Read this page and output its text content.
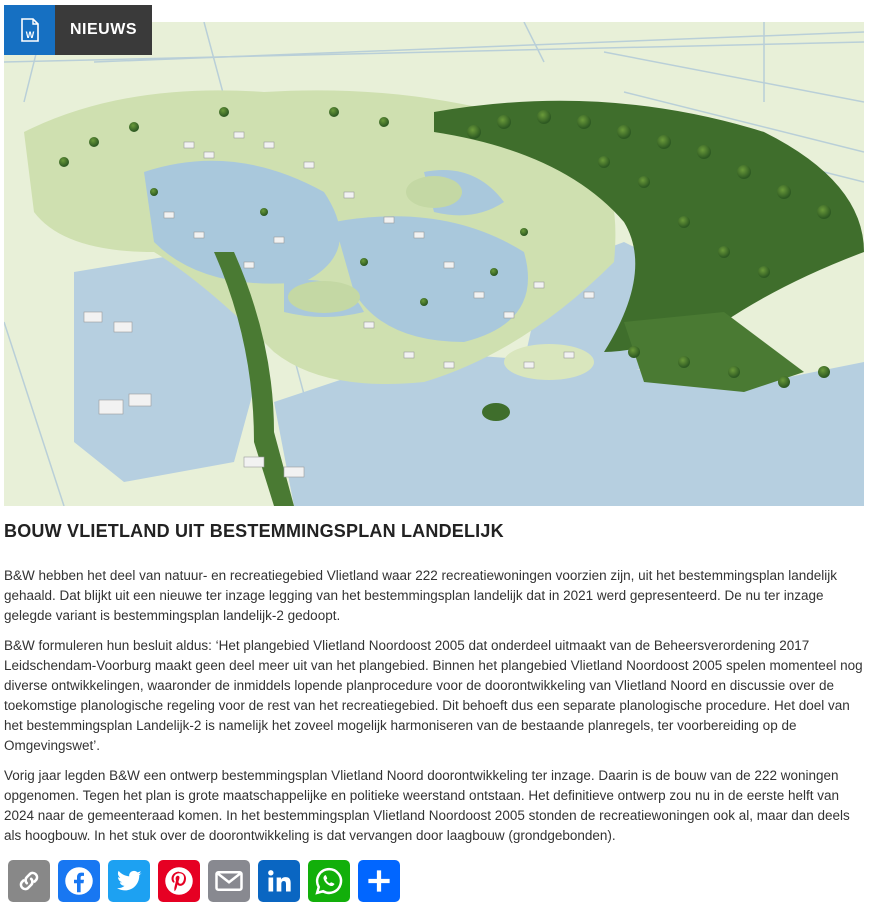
W	NIEUWS
BOUW VLIETLAND UIT BESTEMMINGSPLAN LANDELIJK

B&W hebben het deel van natuur- en recreatiegebied Vlietland waar 222 recreatiewoningen voorzien zijn, uit het bestemmingsplan landelijk gehaald. Dat blijkt uit een nieuwe ter inzage legging van het bestemmingsplan landelijk dat in 2021 werd gepresenteerd. De nu ter inzage gelegde variant is bestemmingsplan landelijk-2 gedoopt.

B&W formuleren hun besluit aldus: ‘Het plangebied Vlietland Noordoost 2005 dat onderdeel uitmaakt van de Beheersverordening 2017 Leidschendam-Voorburg maakt geen deel meer uit van het plangebied. Binnen het plangebied Vlietland Noordoost 2005 spelen momenteel nog diverse ontwikkelingen, waaronder de inmiddels lopende planprocedure voor de doorontwikkeling van Vlietland Noord en discussie over de toekomstige planologische regeling voor de rest van het recreatiegebied. Dit behoeft dus een separate planologische procedure. Het doel van het bestemmingsplan Landelijk-2 is namelijk het zoveel mogelijk harmoniseren van de bestaande planregels, ter voorbereiding op de Omgevingswet’.

Vorig jaar legden B&W een ontwerp bestemmingsplan Vlietland Noord doorontwikkeling ter inzage. Daarin is de bouw van de 222 woningen opgenomen. Tegen het plan is grote maatschappelijke en politieke weerstand ontstaan. Het definitieve ontwerp zou nu in de eerste helft van 2024 naar de gemeenteraad komen. In het bestemmingsplan Vlietland Noordoost 2005 stonden de recreatiewoningen ook al, maar dan deels als hoogbouw. In het stuk over de doorontwikkeling is dat vervangen door laagbouw (grondgebonden).
